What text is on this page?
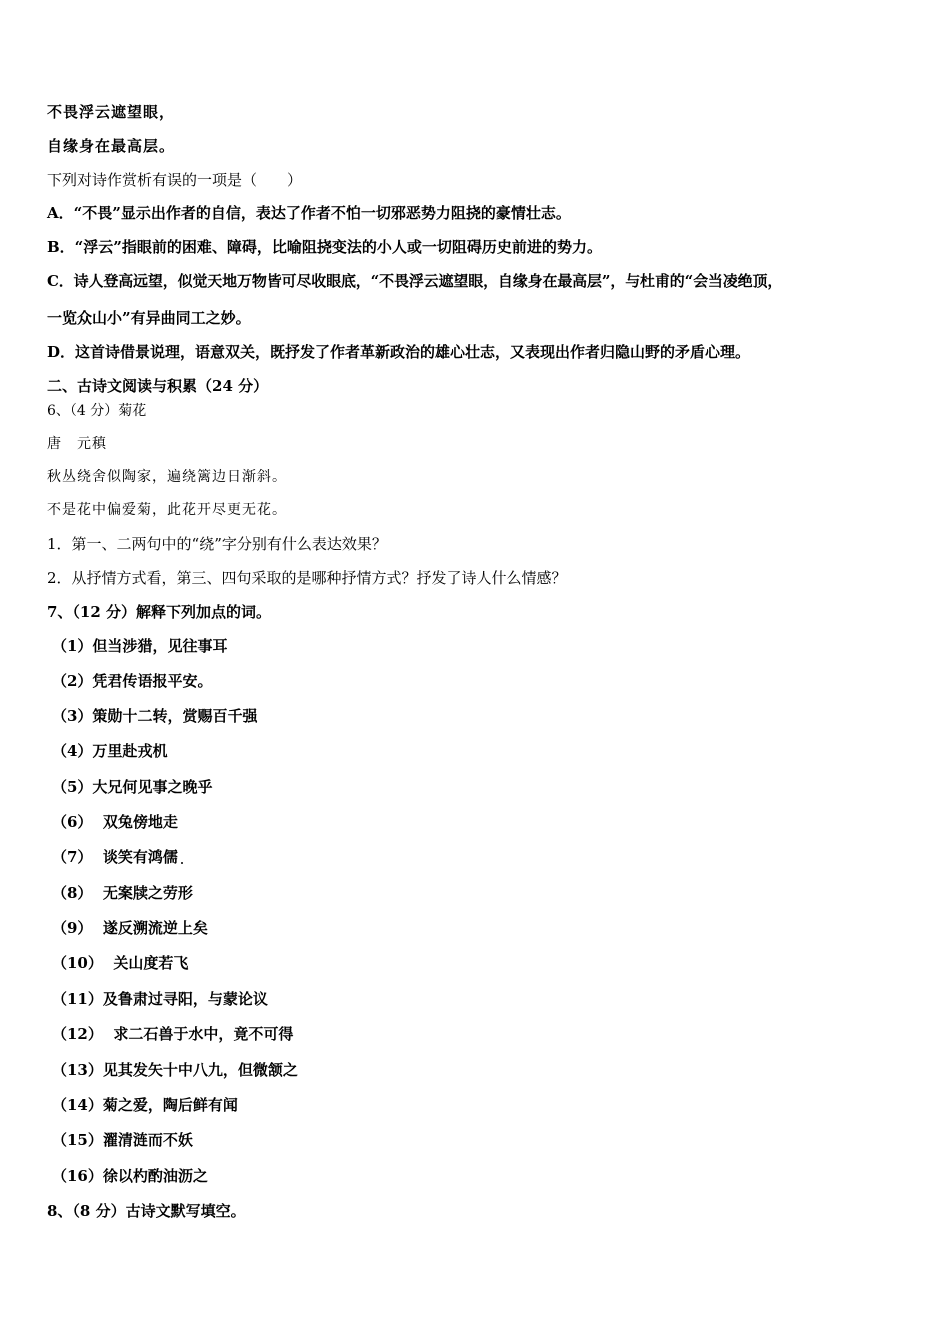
不畏浮云遮望眼，
自缘身在最高层。
下列对诗作赏析有误的一项是（　　）
A．“不畏”显示出作者的自信，表达了作者不怕一切邪恶势力阻挠的豪情壮志。
B．“浮云”指眼前的困难、障碍，比喻阻挠变法的小人或一切阻碍历史前进的势力。
C．诗人登高远望，似觉天地万物皆可尽收眼底，“不畏浮云遮望眼，自缘身在最高层”，与杜甫的“会当凌绝顶，
一览众山小”有异曲同工之妙。
D．这首诗借景说理，语意双关，既抒发了作者革新政治的雄心壮志，又表现出作者归隐山野的矛盾心理。
二、古诗文阅读与积累（24 分）
6、（4 分）菊花
唐　元稹
秋丛绕舍似陶家，遍绕篱边日渐斜。
不是花中偏爱菊，此花开尽更无花。
1．第一、二两句中的“绕”字分别有什么表达效果？
2．从抒情方式看，第三、四句采取的是哪种抒情方式？抒发了诗人什么情感？
7、（12 分）解释下列加点的词。
（1）但当涉猎，见往事耳
（2）凭君传语报平安。
（3）策勋十二转，赏赐百千强
（4）万里赴戎机
（5）大兄何见事之晚乎
（6）  双兔傍地走
（7）  谈笑有鸿儒
（8）  无案牍之劳形
（9）  遂反溯流逆上矣
（10）  关山度若飞
（11）及鲁肃过寻阳，与蒙论议
（12）  求二石兽于水中，竟不可得
（13）见其发矢十中八九，但微颔之
（14）菊之爱，陶后鲜有闻
（15）濯清涟而不妖
（16）徐以杓酌油沥之
8、（8 分）古诗文默写填空。
